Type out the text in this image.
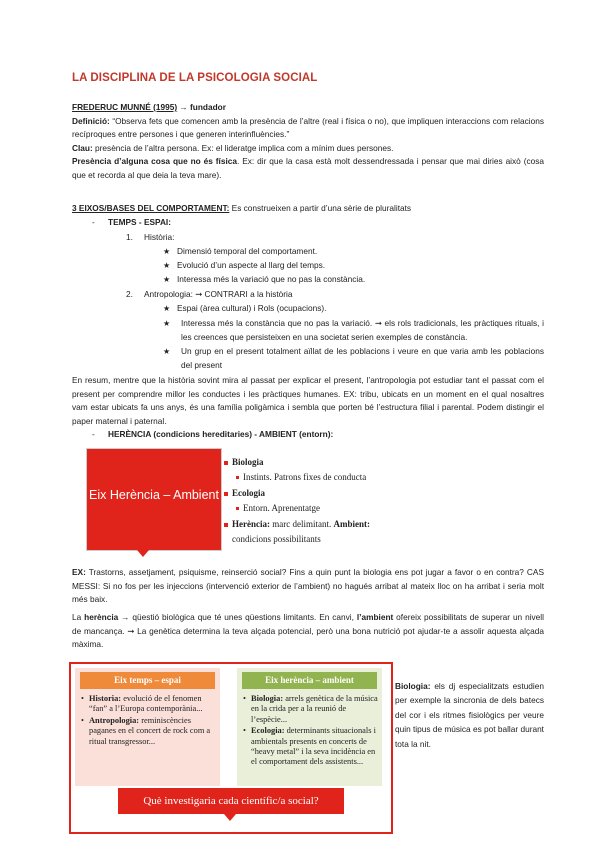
LA DISCIPLINA DE LA PSICOLOGIA SOCIAL
FREDERUC MUNNÉ (1995) → fundador
Definició: “Observa fets que comencen amb la presència de l’altre (real i física o no), que impliquen interaccions com relacions recíproques entre persones i que generen interinfluències.”
Clau: presència de l’altra persona. Ex: el lideratge implica com a mínim dues persones.
Presència d’alguna cosa que no és física. Ex: dir que la casa està molt dessendressada i pensar que mai diries això (cosa que et recorda al que deia la teva mare).
3 EIXOS/BASES DEL COMPORTAMENT: Es construeixen a partir d’una sèrie de pluralitats
- TEMPS - ESPAI:
1. Història:
★ Dimensió temporal del comportament.
★ Evolució d’un aspecte al llarg del temps.
★ Interessa més la variació que no pas la constància.
2. Antropologia: ➞ CONTRARI a la història
★ Espai (àrea cultural) i Rols (ocupacions).
★	Interessa més la constància que no pas la variació. ➞ els rols tradicionals, les pràctiques rituals, i les creences que persisteixen en una societat serien exemples de constància.
★	Un grup en el present totalment aïllat de les poblacions i veure en que varia amb les poblacions del present
En resum, mentre que la història sovint mira al passat per explicar el present, l’antropologia pot estudiar tant el passat com el present per comprendre millor les conductes i les pràctiques humanes. EX: tribu, ubicats en un moment en el qual nosaltres vam estar ubicats fa uns anys, és una família poligàmica i sembla que porten bé l’estructura filial i parental. Podem distingir el paper maternal i paternal.
- HERÈNCIA (condicions hereditaries) - AMBIENT (entorn):
Eix Herència – Ambient
Biologia
Instints. Patrons fixes de conducta
Ecologia
Entorn. Aprenentatge
Herència: marc delimitant. Ambient:
condicions possibilitants
EX: Trastorns, assetjament, psiquisme, reinserció social? Fins a quin punt la biologia ens pot jugar a favor o en contra? CAS MESSI: Si no fos per les injeccions (intervenció exterior de l’ambient) no hagués arribat al mateix lloc on ha arribat i seria molt més baix.
La herència → qüestió biològica que té unes qüestions limitants. En canvi, l’ambient ofereix possibilitats de superar un nivell de mancança. ➞ La genètica determina la teva alçada potencial, però una bona nutrició pot ajudar-te a assolir aquesta alçada màxima.
Eix temps – espai
• Historia: evolució de el fenomen “fan” a l’Europa contemporània...
• Antropologia: reminiscències paganes en el concert de rock com a ritual transgressor...
Eix herència – ambient
• Biologia: arrels genètica de la música en la crida per a la reunió de l’espècie...
• Ecologia: determinants situacionals i ambientals presents en concerts de “heavy metal” i la seva incidència en el comportament dels assistents...
Què investigaria cada científic/a social?
Biologia: els dj especialitzats estudien per exemple la sincronia de dels batecs del cor i els ritmes fisiològics per veure quin tipus de música es pot ballar durant tota la nit.
